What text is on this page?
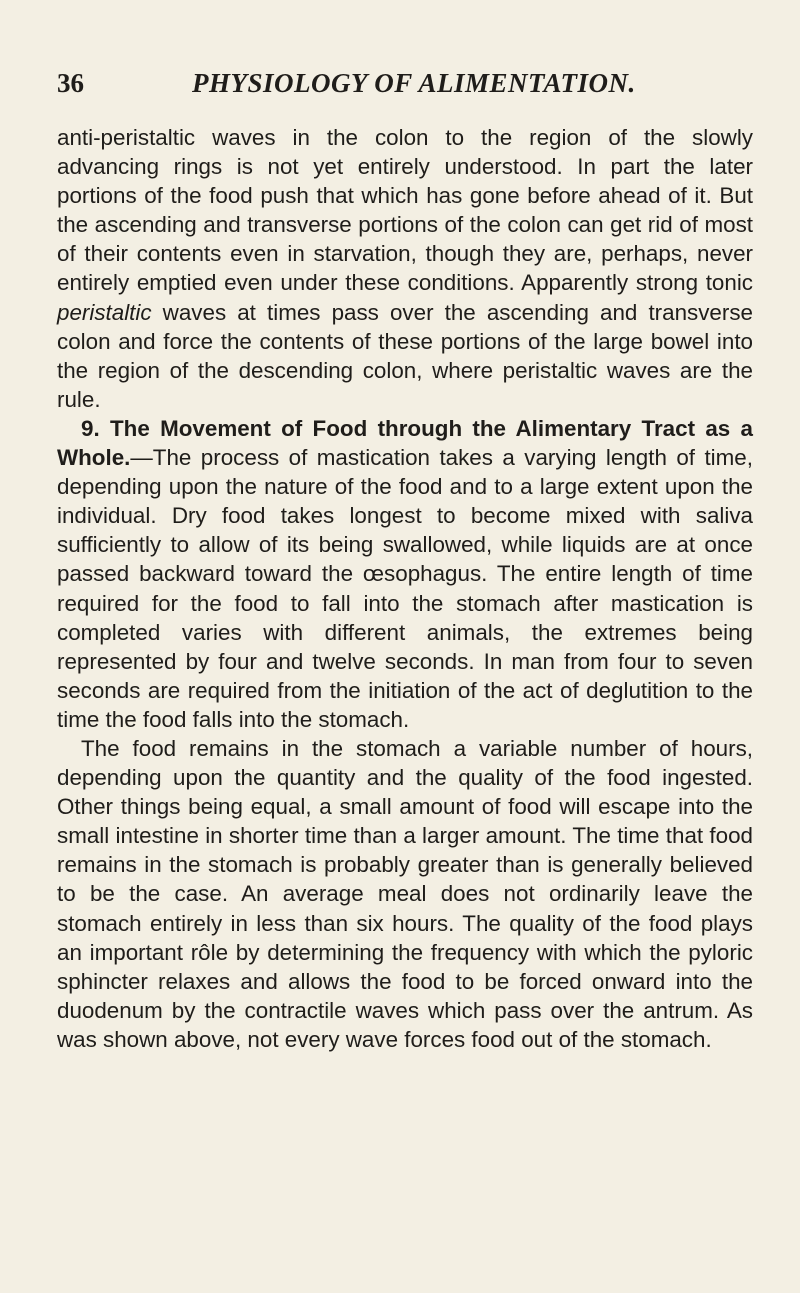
36	PHYSIOLOGY OF ALIMENTATION.

anti-peristaltic waves in the colon to the region of the slowly advancing rings is not yet entirely understood. In part the later portions of the food push that which has gone before ahead of it. But the ascending and transverse portions of the colon can get rid of most of their contents even in starvation, though they are, perhaps, never entirely emptied even under these conditions. Apparently strong tonic peristaltic waves at times pass over the ascending and transverse colon and force the contents of these portions of the large bowel into the region of the descending colon, where peristaltic waves are the rule.

9. The Movement of Food through the Alimentary Tract as a Whole.—The process of mastication takes a varying length of time, depending upon the nature of the food and to a large extent upon the individual. Dry food takes longest to become mixed with saliva sufficiently to allow of its being swallowed, while liquids are at once passed backward toward the œsophagus. The entire length of time required for the food to fall into the stomach after mastication is completed varies with different animals, the extremes being represented by four and twelve seconds. In man from four to seven seconds are required from the initiation of the act of deglutition to the time the food falls into the stomach.

The food remains in the stomach a variable number of hours, depending upon the quantity and the quality of the food ingested. Other things being equal, a small amount of food will escape into the small intestine in shorter time than a larger amount. The time that food remains in the stomach is probably greater than is generally believed to be the case. An average meal does not ordinarily leave the stomach entirely in less than six hours. The quality of the food plays an important rôle by determining the frequency with which the pyloric sphincter relaxes and allows the food to be forced onward into the duodenum by the contractile waves which pass over the antrum. As was shown above, not every wave forces food out of the stomach.
